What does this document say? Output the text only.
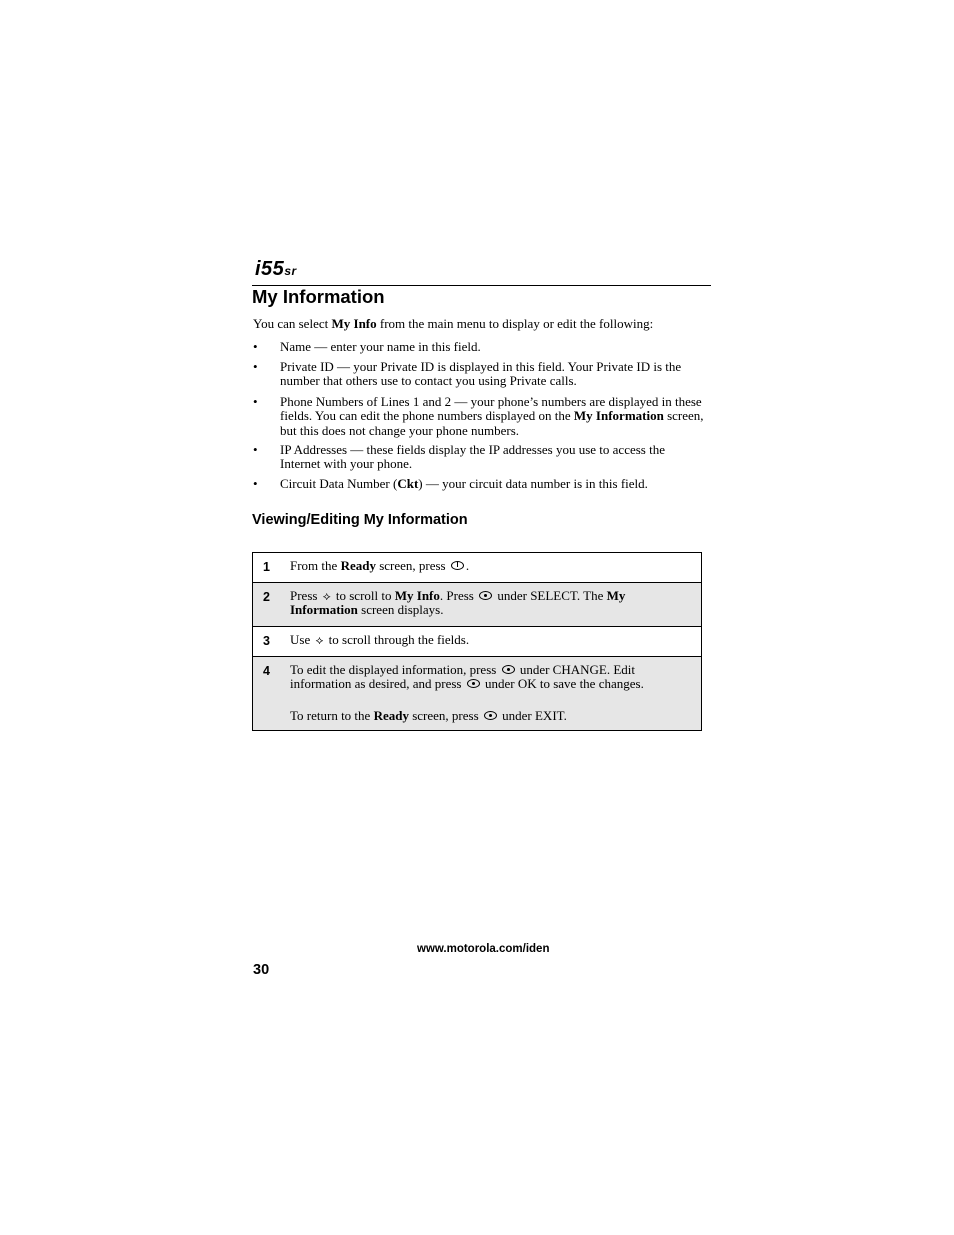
i55sr
My Information
You can select My Info from the main menu to display or edit the following:
• Name — enter your name in this field.
• Private ID — your Private ID is displayed in this field. Your Private ID is the number that others use to contact you using Private calls.
• Phone Numbers of Lines 1 and 2 — your phone’s numbers are displayed in these fields. You can edit the phone numbers displayed on the My Information screen, but this does not change your phone numbers.
• IP Addresses — these fields display the IP addresses you use to access the Internet with your phone.
• Circuit Data Number (Ckt) — your circuit data number is in this field.
Viewing/Editing My Information
1 From the Ready screen, press .
2 Press ⟡ to scroll to My Info. Press  under SELECT. The My Information screen displays.
3 Use ⟡ to scroll through the fields.
4 To edit the displayed information, press  under CHANGE. Edit information as desired, and press  under OK to save the changes.
To return to the Ready screen, press  under EXIT.
www.motorola.com/iden
30
